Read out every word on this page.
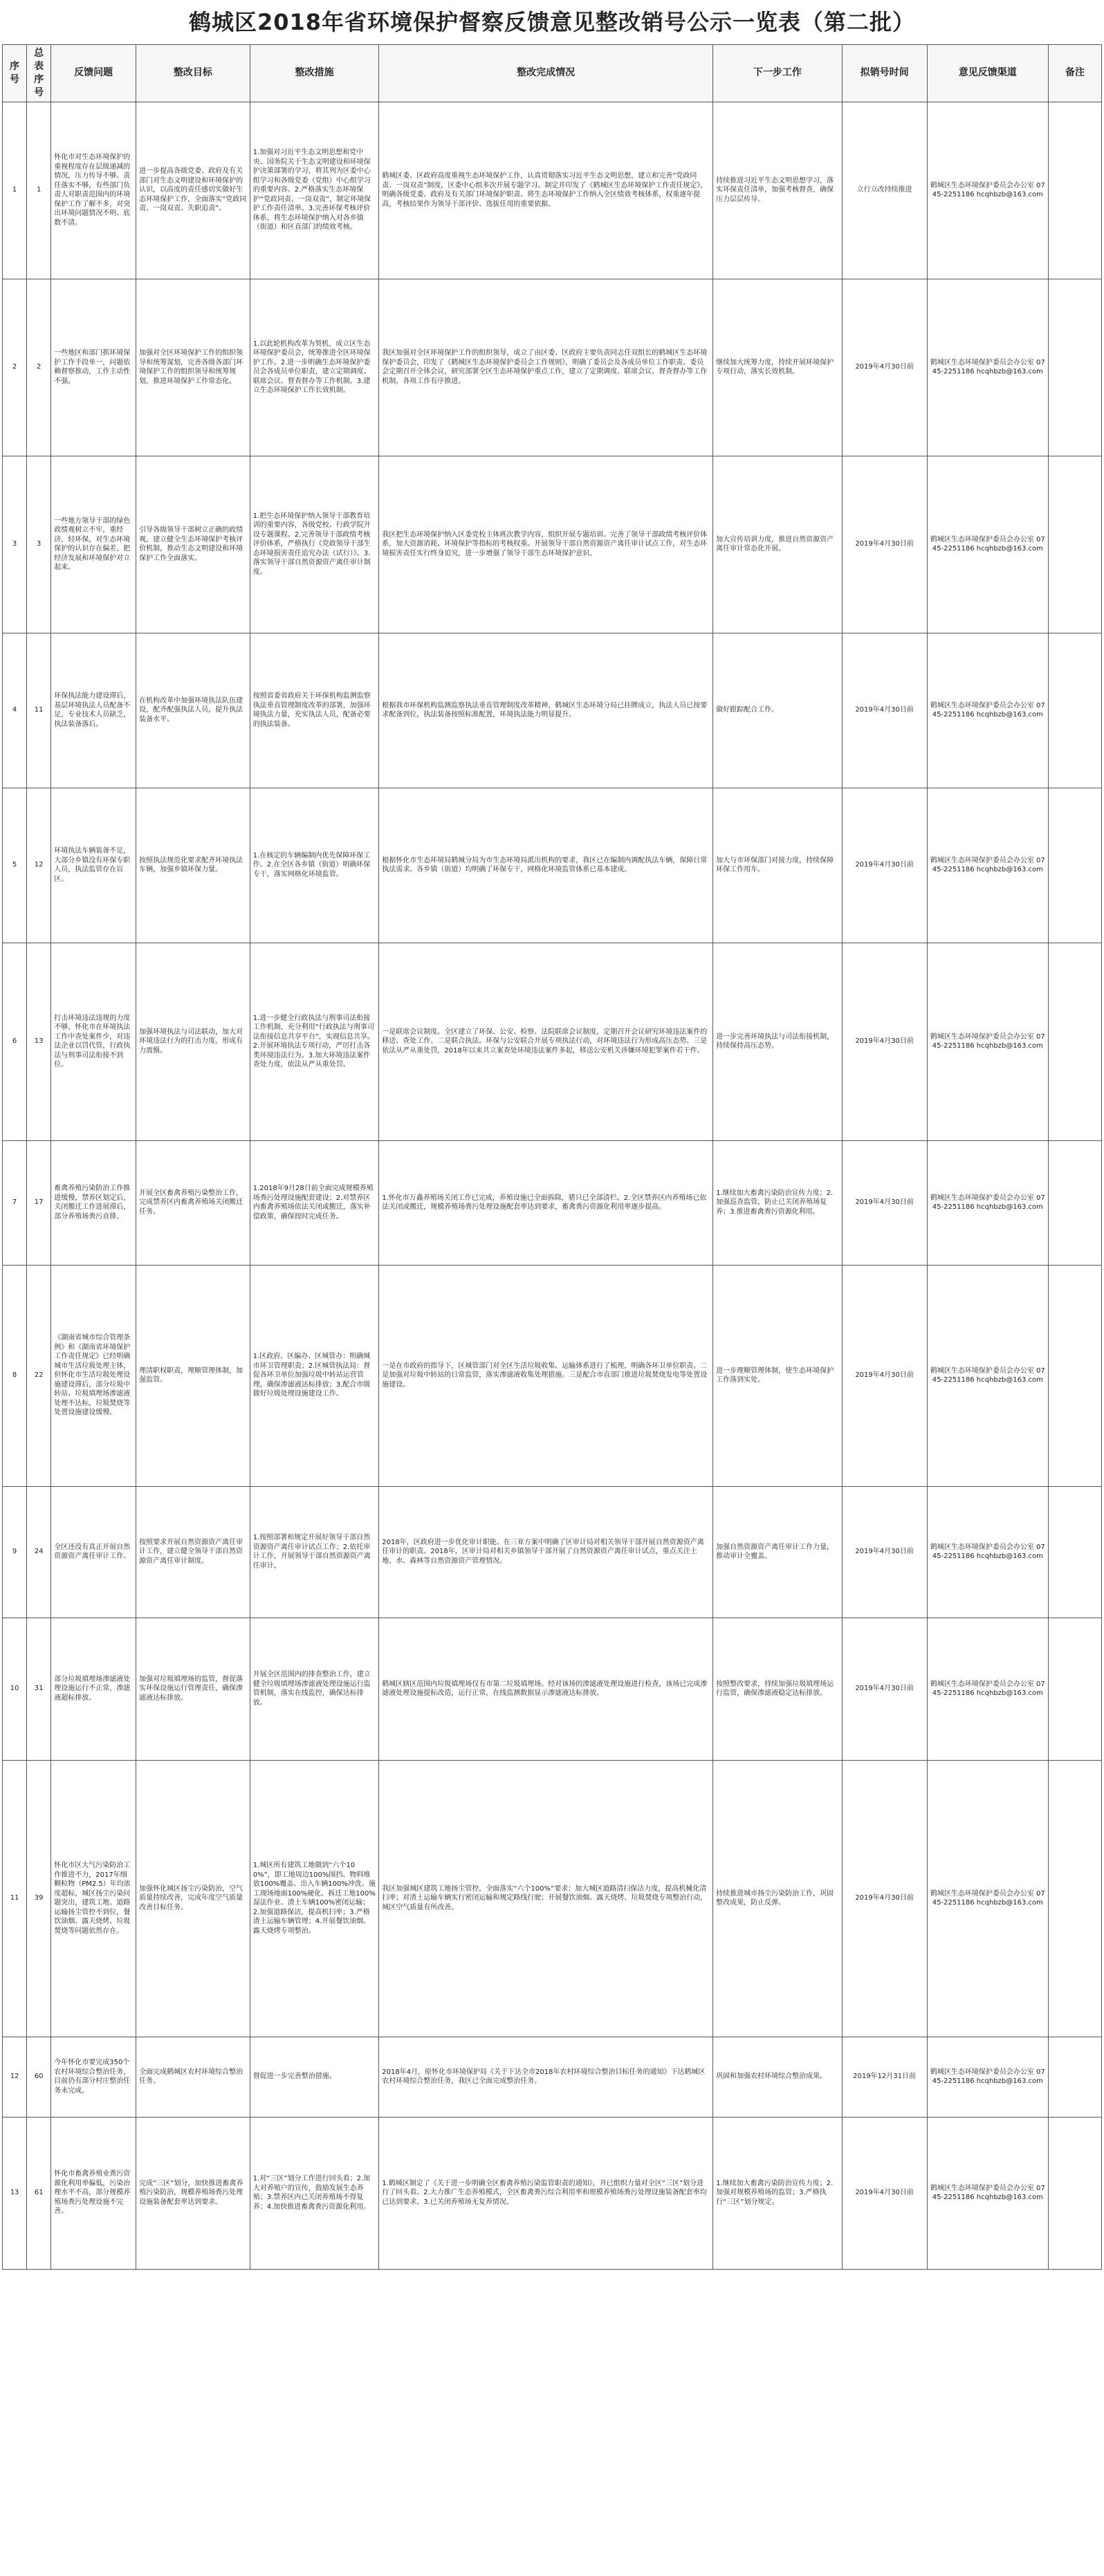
鹤城区2018年省环境保护督察反馈意见整改销号公示一览表（第二批）
序号	总表序号	反馈问题	整改目标	整改措施	整改完成情况	下一步工作	拟销号时间	意见反馈渠道	备注
1	1	怀化市对生态环境保护的重视程度存在层级递减的情况，压力传导不够。责任落实不够，有些部门负责人对职责范围内的环境保护工作了解不多，对突出环境问题情况不明、底数不清。	进一步提高各级党委、政府及有关部门对生态文明建设和环境保护的认识，以高度的责任感切实做好生态环境保护工作，全面落实“党政同责、一岗双责、失职追责”。	1.加强对习近平生态文明思想和党中央、国务院关于生态文明建设和环境保护决策部署的学习，将其列为区委中心组学习和各级党委（党组）中心组学习的重要内容。2.严格落实生态环境保护“党政同责、一岗双责”，制定环境保护工作责任清单。3.完善环保考核评价体系，将生态环境保护纳入对各乡镇（街道）和区直部门的绩效考核。	鹤城区委、区政府高度重视生态环境保护工作，认真贯彻落实习近平生态文明思想，建立和完善“党政同责、一岗双责”制度，区委中心组多次开展专题学习。制定并印发了《鹤城区生态环境保护工作责任规定》，明确各级党委、政府及有关部门环境保护职责。将生态环境保护工作纳入全区绩效考核体系，权重逐年提高，考核结果作为领导干部评价、选拔任用的重要依据。	持续推进习近平生态文明思想学习，落实环保责任清单，加强考核督查，确保压力层层传导。	立行立改持续推进	鹤城区生态环境保护委员会办公室 0745-2251186 hcqhbzb@163.com	
2	2	一些地区和部门抓环境保护工作手段单一，问题依赖督察推动，工作主动性不强。	加强对全区环境保护工作的组织领导和统筹谋划，完善各级各部门环境保护工作的组织领导和统筹规划，推进环境保护工作常态化。	1.以此轮机构改革为契机，成立区生态环境保护委员会，统筹推进全区环境保护工作。2.进一步明确生态环境保护委员会各成员单位职责，建立定期调度、联席会议、督查督办等工作机制。3.建立生态环境保护工作长效机制。	我区加强对全区环境保护工作的组织领导，成立了由区委、区政府主要负责同志任双组长的鹤城区生态环境保护委员会，印发了《鹤城区生态环境保护委员会工作规则》，明确了委员会及各成员单位工作职责。委员会定期召开全体会议，研究部署全区生态环境保护重点工作，建立了定期调度、联席会议、督查督办等工作机制，各项工作有序推进。	继续加大统筹力度，持续开展环境保护专项行动，落实长效机制。	2019年4月30日前	鹤城区生态环境保护委员会办公室 0745-2251186 hcqhbzb@163.com	
3	3	一些地方领导干部的绿色政绩观树立不牢，重经济，轻环保，对生态环境保护的认识存在偏差，把经济发展和环境保护对立起来。	引导各级领导干部树立正确的政绩观，建立健全生态环境保护考核评价机制，推动生态文明建设和环境保护工作全面落实。	1.把生态环境保护纳入领导干部教育培训的重要内容，各级党校、行政学院开设专题课程。2.完善领导干部政绩考核评价体系，严格执行《党政领导干部生态环境损害责任追究办法（试行）》。3.落实领导干部自然资源资产离任审计制度。	我区把生态环境保护纳入区委党校主体班次教学内容，组织开展专题培训。完善了领导干部政绩考核评价体系，加大资源消耗、环境保护等指标的考核权重。开展领导干部自然资源资产离任审计试点工作，对生态环境损害责任实行终身追究，进一步增强了领导干部生态环境保护意识。	加大宣传培训力度，推进自然资源资产离任审计常态化开展。	2019年4月30日前	鹤城区生态环境保护委员会办公室 0745-2251186 hcqhbzb@163.com	
4	11	环保执法能力建设滞后，基层环境执法人员配备不足，专业技术人员缺乏，执法装备落后。	在机构改革中加强环境执法队伍建设，配齐配强执法人员，提升执法装备水平。	按照省委省政府关于环保机构监测监察执法垂直管理制度改革的部署，加强环境执法力量，充实执法人员，配备必要的执法装备。	根据我市环保机构监测监察执法垂直管理制度改革精神，鹤城区生态环境分局已挂牌成立，执法人员已按要求配备到位，执法装备按照标准配置，环境执法能力明显提升。	做好跟踪配合工作。	2019年4月30日前	鹤城区生态环境保护委员会办公室 0745-2251186 hcqhbzb@163.com	
5	12	环境执法车辆装备不足，大部分乡镇没有环保专职人员，执法监管存在盲区。	按照执法规范化要求配齐环境执法车辆，加强乡镇环保力量。	1.在核定的车辆编制内优先保障环保工作。2.在全区各乡镇（街道）明确环保专干，落实网格化环境监管。	根据怀化市生态环境局鹤城分局为市生态环境局派出机构的要求，我区已在编制内调配执法车辆，保障日常执法需求。各乡镇（街道）均明确了环保专干，网格化环境监管体系已基本建成。	加大与市环保部门对接力度，持续保障环保工作用车。	2019年4月30日前	鹤城区生态环境保护委员会办公室 0745-2251186 hcqhbzb@163.com	
6	13	打击环境违法违规的力度不够，怀化市在环境执法工作中查处案件少，对违法企业以罚代管，行政执法与刑事司法衔接不到位。	加强环境执法与司法联动，加大对环境违法行为的打击力度，形成有力震慑。	1.进一步健全行政执法与刑事司法衔接工作机制，充分利用“行政执法与刑事司法衔接信息共享平台”，实现信息共享。2.开展环境执法专项行动，严厉打击各类环境违法行为。3.加大环境违法案件查处力度，依法从严从重处罚。	一是联席会议制度。全区建立了环保、公安、检察、法院联席会议制度，定期召开会议研究环境违法案件的移送、查处工作。二是联合执法。环保与公安联合开展专项执法行动，对环境违法行为形成高压态势。三是依法从严从重处罚，2018年以来共立案查处环境违法案件多起，移送公安机关涉嫌环境犯罪案件若干件。	进一步完善环境执法与司法衔接机制，持续保持高压态势。	2019年4月30日前	鹤城区生态环境保护委员会办公室 0745-2251186 hcqhbzb@163.com	
7	17	畜禽养殖污染防治工作推进缓慢，禁养区划定后，关闭搬迁工作进展滞后，部分养殖场粪污直排。	开展全区畜禽养殖污染整治工作，完成禁养区内畜禽养殖场关闭搬迁任务。	1.2018年9月28日前全面完成规模养殖场粪污处理设施配套建设；2.对禁养区内畜禽养殖场依法关闭或搬迁，落实补偿政策，确保按时完成任务。	1.怀化市万鑫养殖场关闭工作已完成，养殖设施已全面拆除，猪只已全部清栏。2.全区禁养区内养殖场已依法关闭或搬迁，规模养殖场粪污处理设施配套率达到要求，畜禽粪污资源化利用率逐步提高。	1.继续加大畜禽污染防治宣传力度；2.加强巡查监管，防止已关闭养殖场复养；3.推进畜禽粪污资源化利用。	2019年4月30日前	鹤城区生态环境保护委员会办公室 0745-2251186 hcqhbzb@163.com	
8	22	《湖南省城市综合管理条例》和《湖南省环境保护工作责任规定》已经明确城市生活垃圾处理主体，但怀化市生活垃圾处理设施建设滞后，部分垃圾中转站、垃圾填埋场渗滤液处理不达标，垃圾焚烧等处置设施建设缓慢。	理清职权职责，理顺管理体制，加强监管。	1.区政府、区编办、区城管办：明确城市环卫管理职责；2.区城管执法局：督促各环卫单位加强垃圾中转站运营管理，确保渗滤液达标排放；3.配合市级做好垃圾处理设施建设工作。	一是在市政府的指导下，区城管部门对全区生活垃圾收集、运输体系进行了梳理，明确各环卫单位职责。二是加强对垃圾中转站的日常监管，落实渗滤液收集处理措施。三是配合市直部门推进垃圾焚烧发电等处置设施建设。	进一步理顺管理体制，使生态环境保护工作落到实处。	2019年4月30日前	鹤城区生态环境保护委员会办公室 0745-2251186 hcqhbzb@163.com	
9	24	全区还没有真正开展自然资源资产离任审计工作。	按照要求开展自然资源资产离任审计工作，建立健全领导干部自然资源资产离任审计制度。	1.按照部署和规定开展好领导干部自然资源资产离任审计试点工作；2.依托审计工作，开展领导干部自然资源资产离任审计。	2018年，区政府进一步优化审计职能。在三亚方案中明确了区审计局对相关领导干部开展自然资源资产离任审计的职责。2018年，区审计局对相关乡镇领导干部开展了自然资源资产离任审计试点，重点关注土地、水、森林等自然资源资产管理情况。	加强自然资源资产离任审计工作力量，推动审计全覆盖。	2019年4月30日前	鹤城区生态环境保护委员会办公室 0745-2251186 hcqhbzb@163.com	
10	31	部分垃圾填埋场渗滤液处理设施运行不正常，渗滤液超标排放。	加强对垃圾填埋场的监管，督促落实环保设施运行管理责任，确保渗滤液达标排放。	开展全区范围内的排查整治工作，建立健全垃圾填埋场渗滤液处理设施运行监管机制，落实在线监控，确保达标排放。	鹤城区辖区范围内垃圾填埋场仅有市第二垃圾填埋场。经对该场的渗滤液处理设施进行检查，该场已完成渗滤液处理设施提标改造，运行正常，在线监测数据显示渗滤液达标排放。	按照整改要求，持续加强垃圾填埋场运行监管，确保渗滤液稳定达标排放。	2019年4月30日前	鹤城区生态环境保护委员会办公室 0745-2251186 hcqhbzb@163.com	
11	39	怀化市区大气污染防治工作推进不力，2017年细颗粒物（PM2.5）年均浓度超标，城区扬尘污染问题突出，建筑工地、道路运输扬尘管控不到位，餐饮油烟、露天烧烤、垃圾焚烧等问题依然存在。	加强怀化城区扬尘污染防治，空气质量持续改善，完成年度空气质量改善目标任务。	1.城区所有建筑工地做到“六个100%”，即工地周边100%围挡、物料堆放100%覆盖、出入车辆100%冲洗、施工现场地面100%硬化、拆迁工地100%湿法作业、渣土车辆100%密闭运输；2.加强道路保洁，提高机扫率；3.严格渣土运输车辆管理；4.开展餐饮油烟、露天烧烤专项整治。	我区加强城区建筑工地扬尘管控，全面落实“六个100%”要求；加大城区道路清扫保洁力度，提高机械化清扫率；对渣土运输车辆实行密闭运输和规定路线行驶；开展餐饮油烟、露天烧烤、垃圾焚烧专项整治行动，城区空气质量有所改善。	持续推进城市扬尘污染防治工作，巩固整改成果，防止反弹。	2019年4月30日前	鹤城区生态环境保护委员会办公室 0745-2251186 hcqhbzb@163.com	
12	60	今年怀化市要完成350个农村环境综合整治任务，目前仍有部分村庄整治任务未完成。	全面完成鹤城区农村环境综合整治任务。	督促进一步完善整治措施。	2018年4月，原怀化市环境保护局《关于下达全市2018年农村环境综合整治目标任务的通知》下达鹤城区农村环境综合整治任务，我区已全面完成整治任务。	巩固和加强农村环境综合整治成果。	2019年12月31日前	鹤城区生态环境保护委员会办公室 0745-2251186 hcqhbzb@163.com	
13	61	怀化市畜禽养殖业粪污资源化利用率偏低，污染治理水平不高，部分规模养殖场粪污处理设施不完善。	完成“三区”划分，加快推进畜禽养殖污染防治，规模养殖场粪污处理设施装备配套率达到要求。	1.对“三区”划分工作进行回头看；2.加大对养殖户的宣传，鼓励发展生态养殖；3.禁养区内已关闭养殖场不得复养；4.加快推进畜禽粪污资源化利用。	1.鹤城区制定了《关于进一步明确全区畜禽养殖污染监管职责的通知》，并已组织力量对全区“三区”划分进行了回头看。2.大力推广生态养殖模式，全区畜禽粪污综合利用率和规模养殖场粪污处理设施装备配套率均已达到要求。3.已关闭养殖场无复养情况。	1.继续加大畜禽污染防治宣传力度；2.加强对规模养殖场的监管；3.严格执行“三区”划分规定。	2019年4月30日前	鹤城区生态环境保护委员会办公室 0745-2251186 hcqhbzb@163.com	
